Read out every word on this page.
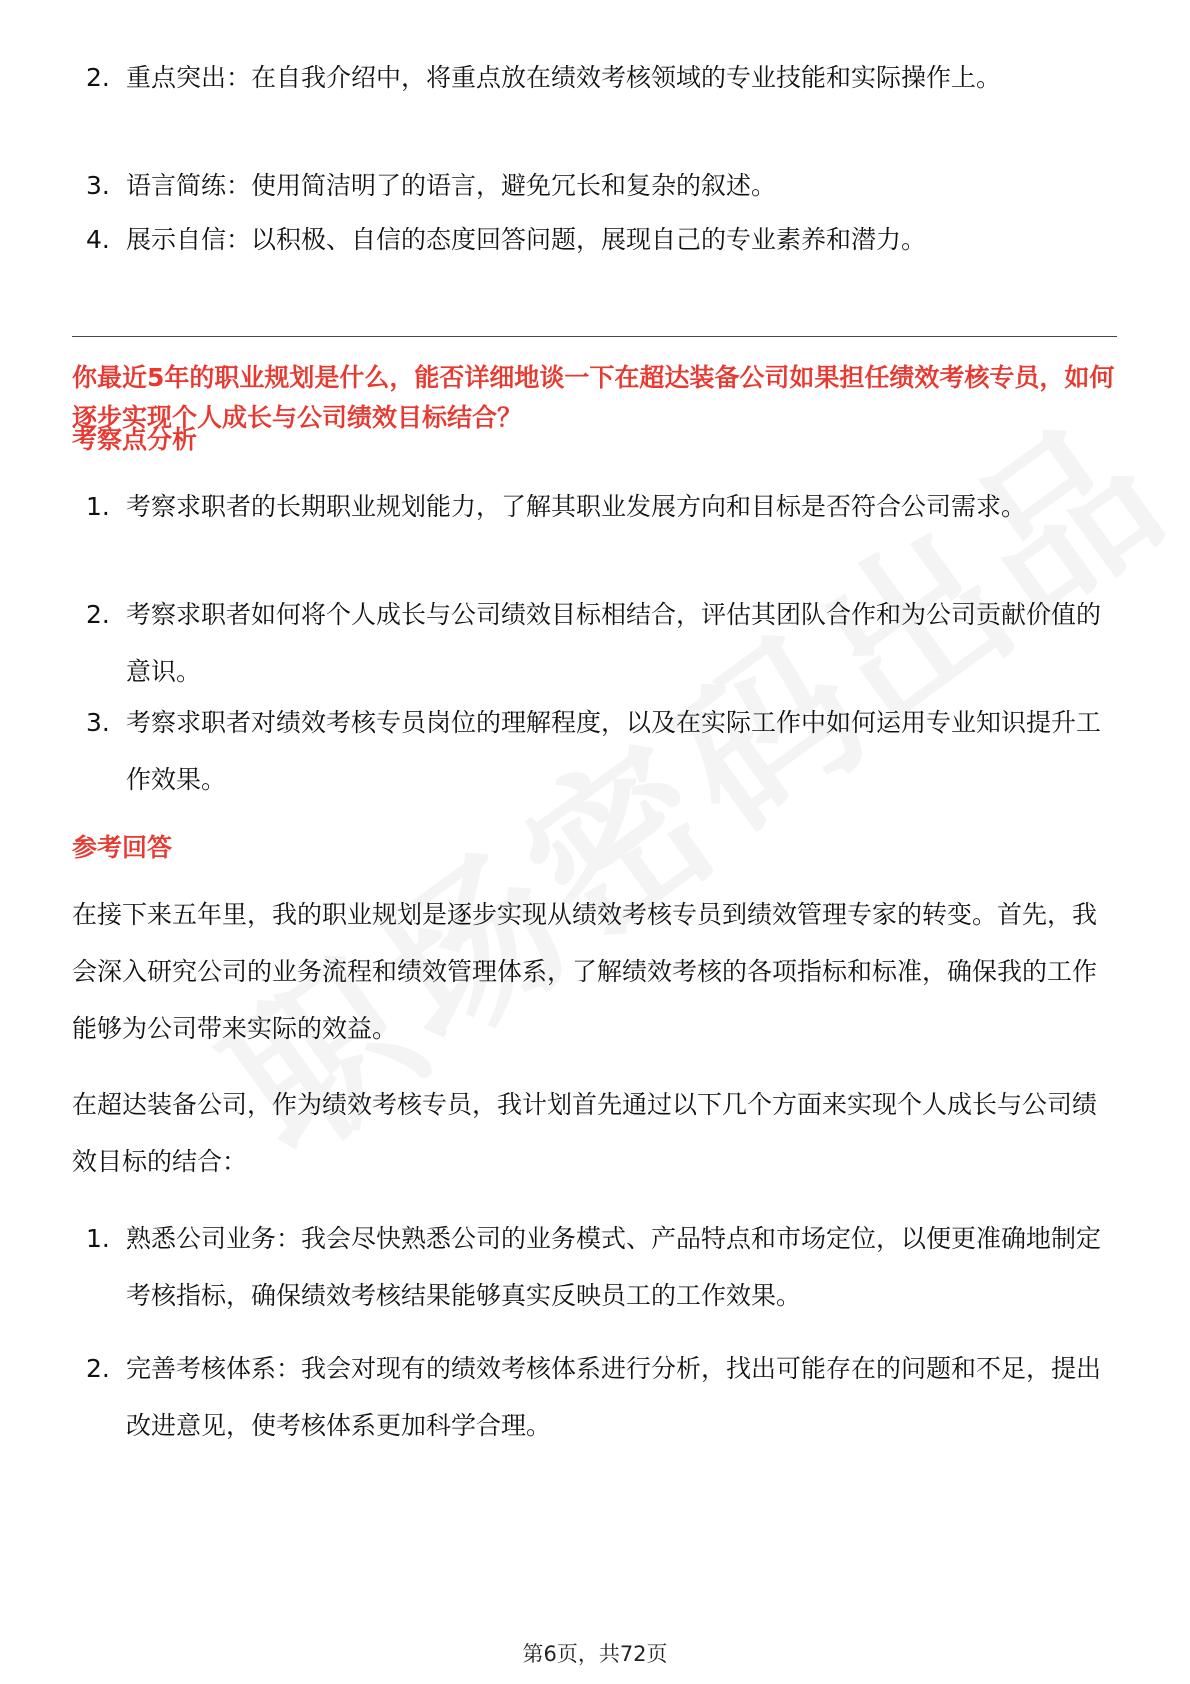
2. 重点突出：在自我介绍中，将重点放在绩效考核领域的专业技能和实际操作上。
3. 语言简练：使用简洁明了的语言，避免冗长和复杂的叙述。
4. 展示自信：以积极、自信的态度回答问题，展现自己的专业素养和潜力。
你最近5年的职业规划是什么，能否详细地谈一下在超达装备公司如果担任绩效考核专员，如何逐步实现个人成长与公司绩效目标结合？
考察点分析
1. 考察求职者的长期职业规划能力，了解其职业发展方向和目标是否符合公司需求。
2. 考察求职者如何将个人成长与公司绩效目标相结合，评估其团队合作和为公司贡献价值的意识。
3. 考察求职者对绩效考核专员岗位的理解程度，以及在实际工作中如何运用专业知识提升工作效果。
参考回答
在接下来五年里，我的职业规划是逐步实现从绩效考核专员到绩效管理专家的转变。首先，我会深入研究公司的业务流程和绩效管理体系，了解绩效考核的各项指标和标准，确保我的工作能够为公司带来实际的效益。
在超达装备公司，作为绩效考核专员，我计划首先通过以下几个方面来实现个人成长与公司绩效目标的结合：
1. 熟悉公司业务：我会尽快熟悉公司的业务模式、产品特点和市场定位，以便更准确地制定考核指标，确保绩效考核结果能够真实反映员工的工作效果。
2. 完善考核体系：我会对现有的绩效考核体系进行分析，找出可能存在的问题和不足，提出改进意见，使考核体系更加科学合理。
第6页，共72页
